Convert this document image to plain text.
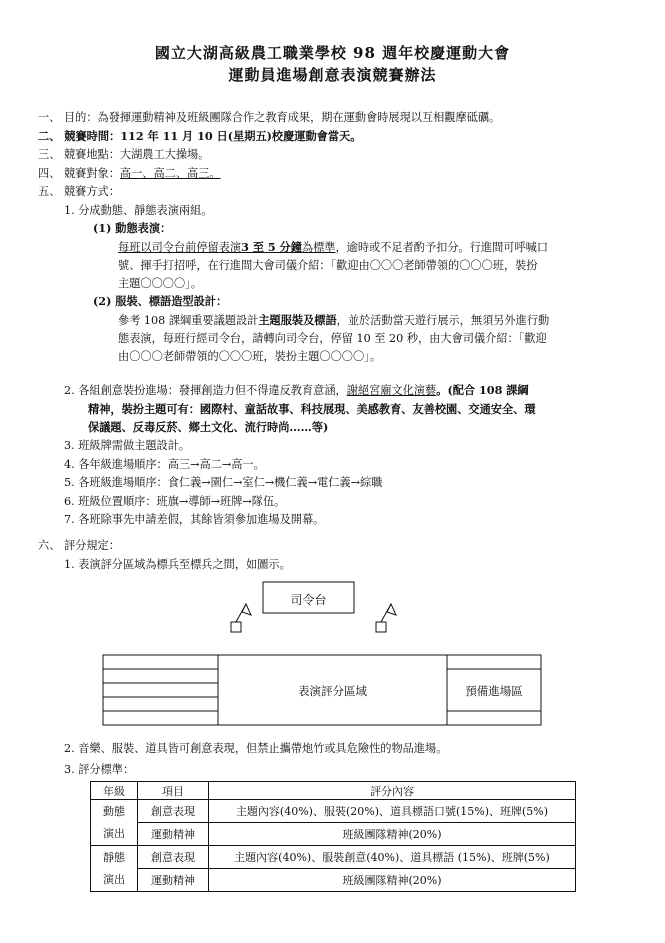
國立大湖高級農工職業學校 98 週年校慶運動大會
運動員進場創意表演競賽辦法
一、 目的：為發揮運動精神及班級團隊合作之教育成果，期在運動會時展現以互相觀摩砥礪。
二、 競賽時間：112 年 11 月 10 日(星期五)校慶運動會當天。
三、 競賽地點：大湖農工大操場。
四、 競賽對象：高一、高二、高三。
五、 競賽方式：
1. 分成動態、靜態表演兩組。
(1) 動態表演：
每班以司令台前停留表演3 至 5 分鐘為標準，逾時或不足者酌予扣分。行進間可呼喊口
號、揮手打招呼，在行進間大會司儀介紹：「歡迎由〇〇〇老師帶領的〇〇〇班，裝扮
主題〇〇〇〇」。
(2) 服裝、標語造型設計：
參考 108 課綱重要議題設計主題服裝及標語，並於活動當天遊行展示，無須另外進行動
態表演，每班行經司令台，請轉向司令台，停留 10 至 20 秒，由大會司儀介紹：「歡迎
由〇〇〇老師帶領的〇〇〇班，裝扮主題〇〇〇〇」。
2. 各組創意裝扮進場：發揮創造力但不得違反教育意涵，謝絕宮廟文化演藝。(配合 108 課綱
精神，裝扮主題可有：國際村、童話故事、科技展現、美感教育、友善校園、交通安全、環
保議題、反毒反菸、鄉土文化、流行時尚……等)
3. 班級牌需做主題設計。
4. 各年級進場順序：高三→高二→高一。
5. 各班級進場順序：食仁義→園仁→室仁→機仁義→電仁義→綜職
6. 班級位置順序：班旗→導師→班牌→隊伍。
7. 各班除事先申請差假，其餘皆須參加進場及開幕。
六、 評分規定：
1. 表演評分區域為標兵至標兵之間，如圖示。
司令台
表演評分區域	預備進場區
2. 音樂、服裝、道具皆可創意表現，但禁止攜帶炮竹或具危險性的物品進場。
3. 評分標準：
年級	項目	評分內容

動態
演出	創意表現	主題內容(40%)、服裝(20%)、道具標語口號(15%)、班牌(5%)
	運動精神	班級團隊精神(20%)

靜態
演出	創意表現	主題內容(40%)、服裝創意(40%)、道具標語 (15%)、班牌(5%)
	運動精神	班級團隊精神(20%)
